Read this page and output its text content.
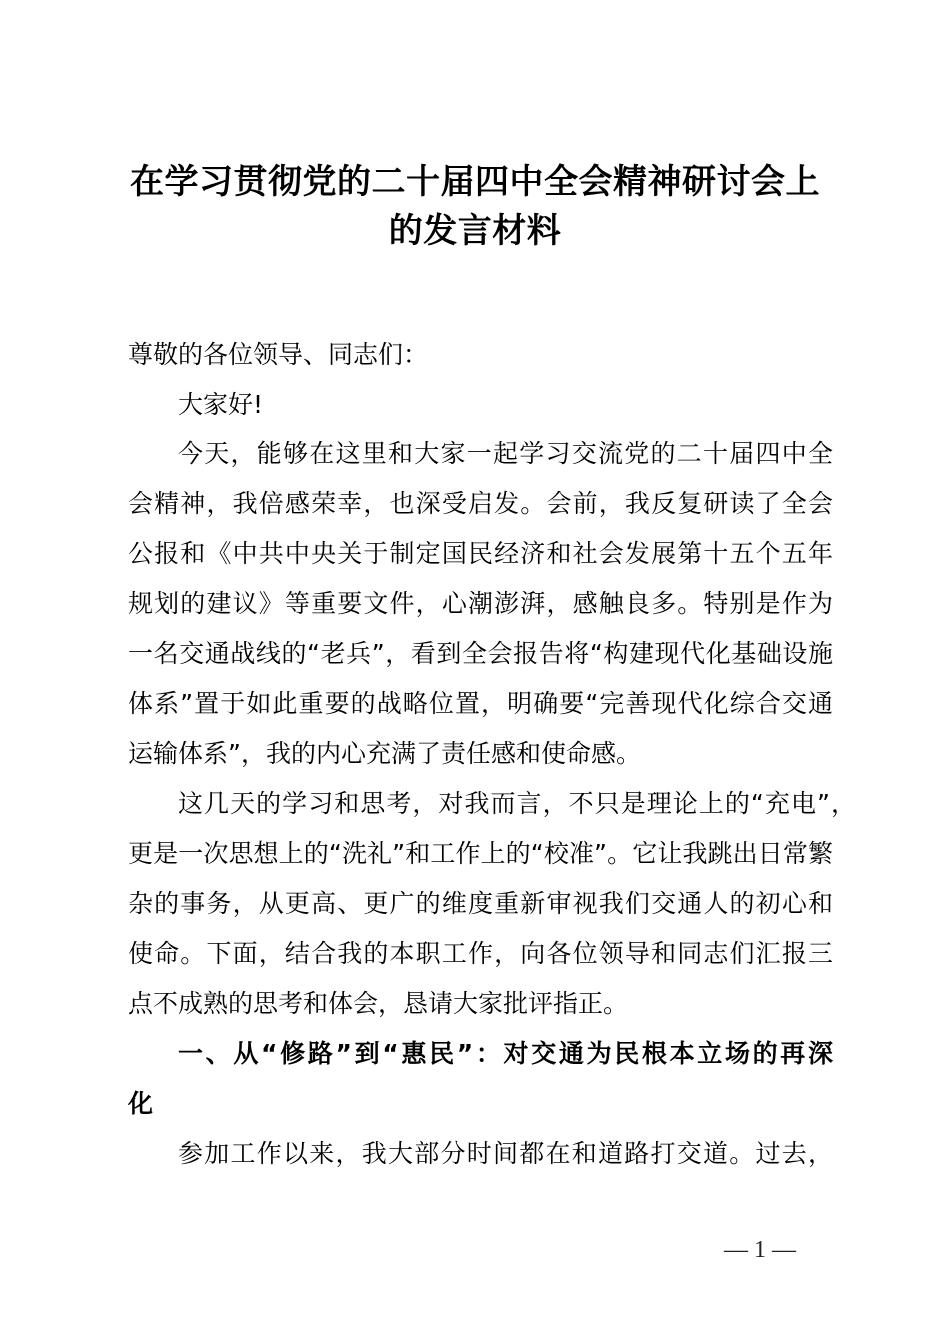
在学习贯彻党的二十届四中全会精神研讨会上
的发言材料
尊敬的各位领导、同志们：
大家好!
今天，能够在这里和大家一起学习交流党的二十届四中全
会精神，我倍感荣幸，也深受启发。会前，我反复研读了全会
公报和《中共中央关于制定国民经济和社会发展第十五个五年
规划的建议》等重要文件，心潮澎湃，感触良多。特别是作为
一名交通战线的“老兵”，看到全会报告将“构建现代化基础设施
体系”置于如此重要的战略位置，明确要“完善现代化综合交通
运输体系”，我的内心充满了责任感和使命感。
这几天的学习和思考，对我而言，不只是理论上的“充电”，
更是一次思想上的“洗礼”和工作上的“校准”。它让我跳出日常繁
杂的事务，从更高、更广的维度重新审视我们交通人的初心和
使命。下面，结合我的本职工作，向各位领导和同志们汇报三
点不成熟的思考和体会，恳请大家批评指正。
一、从“修路”到“惠民”：对交通为民根本立场的再深
化
参加工作以来，我大部分时间都在和道路打交道。过去，
— 1 —
